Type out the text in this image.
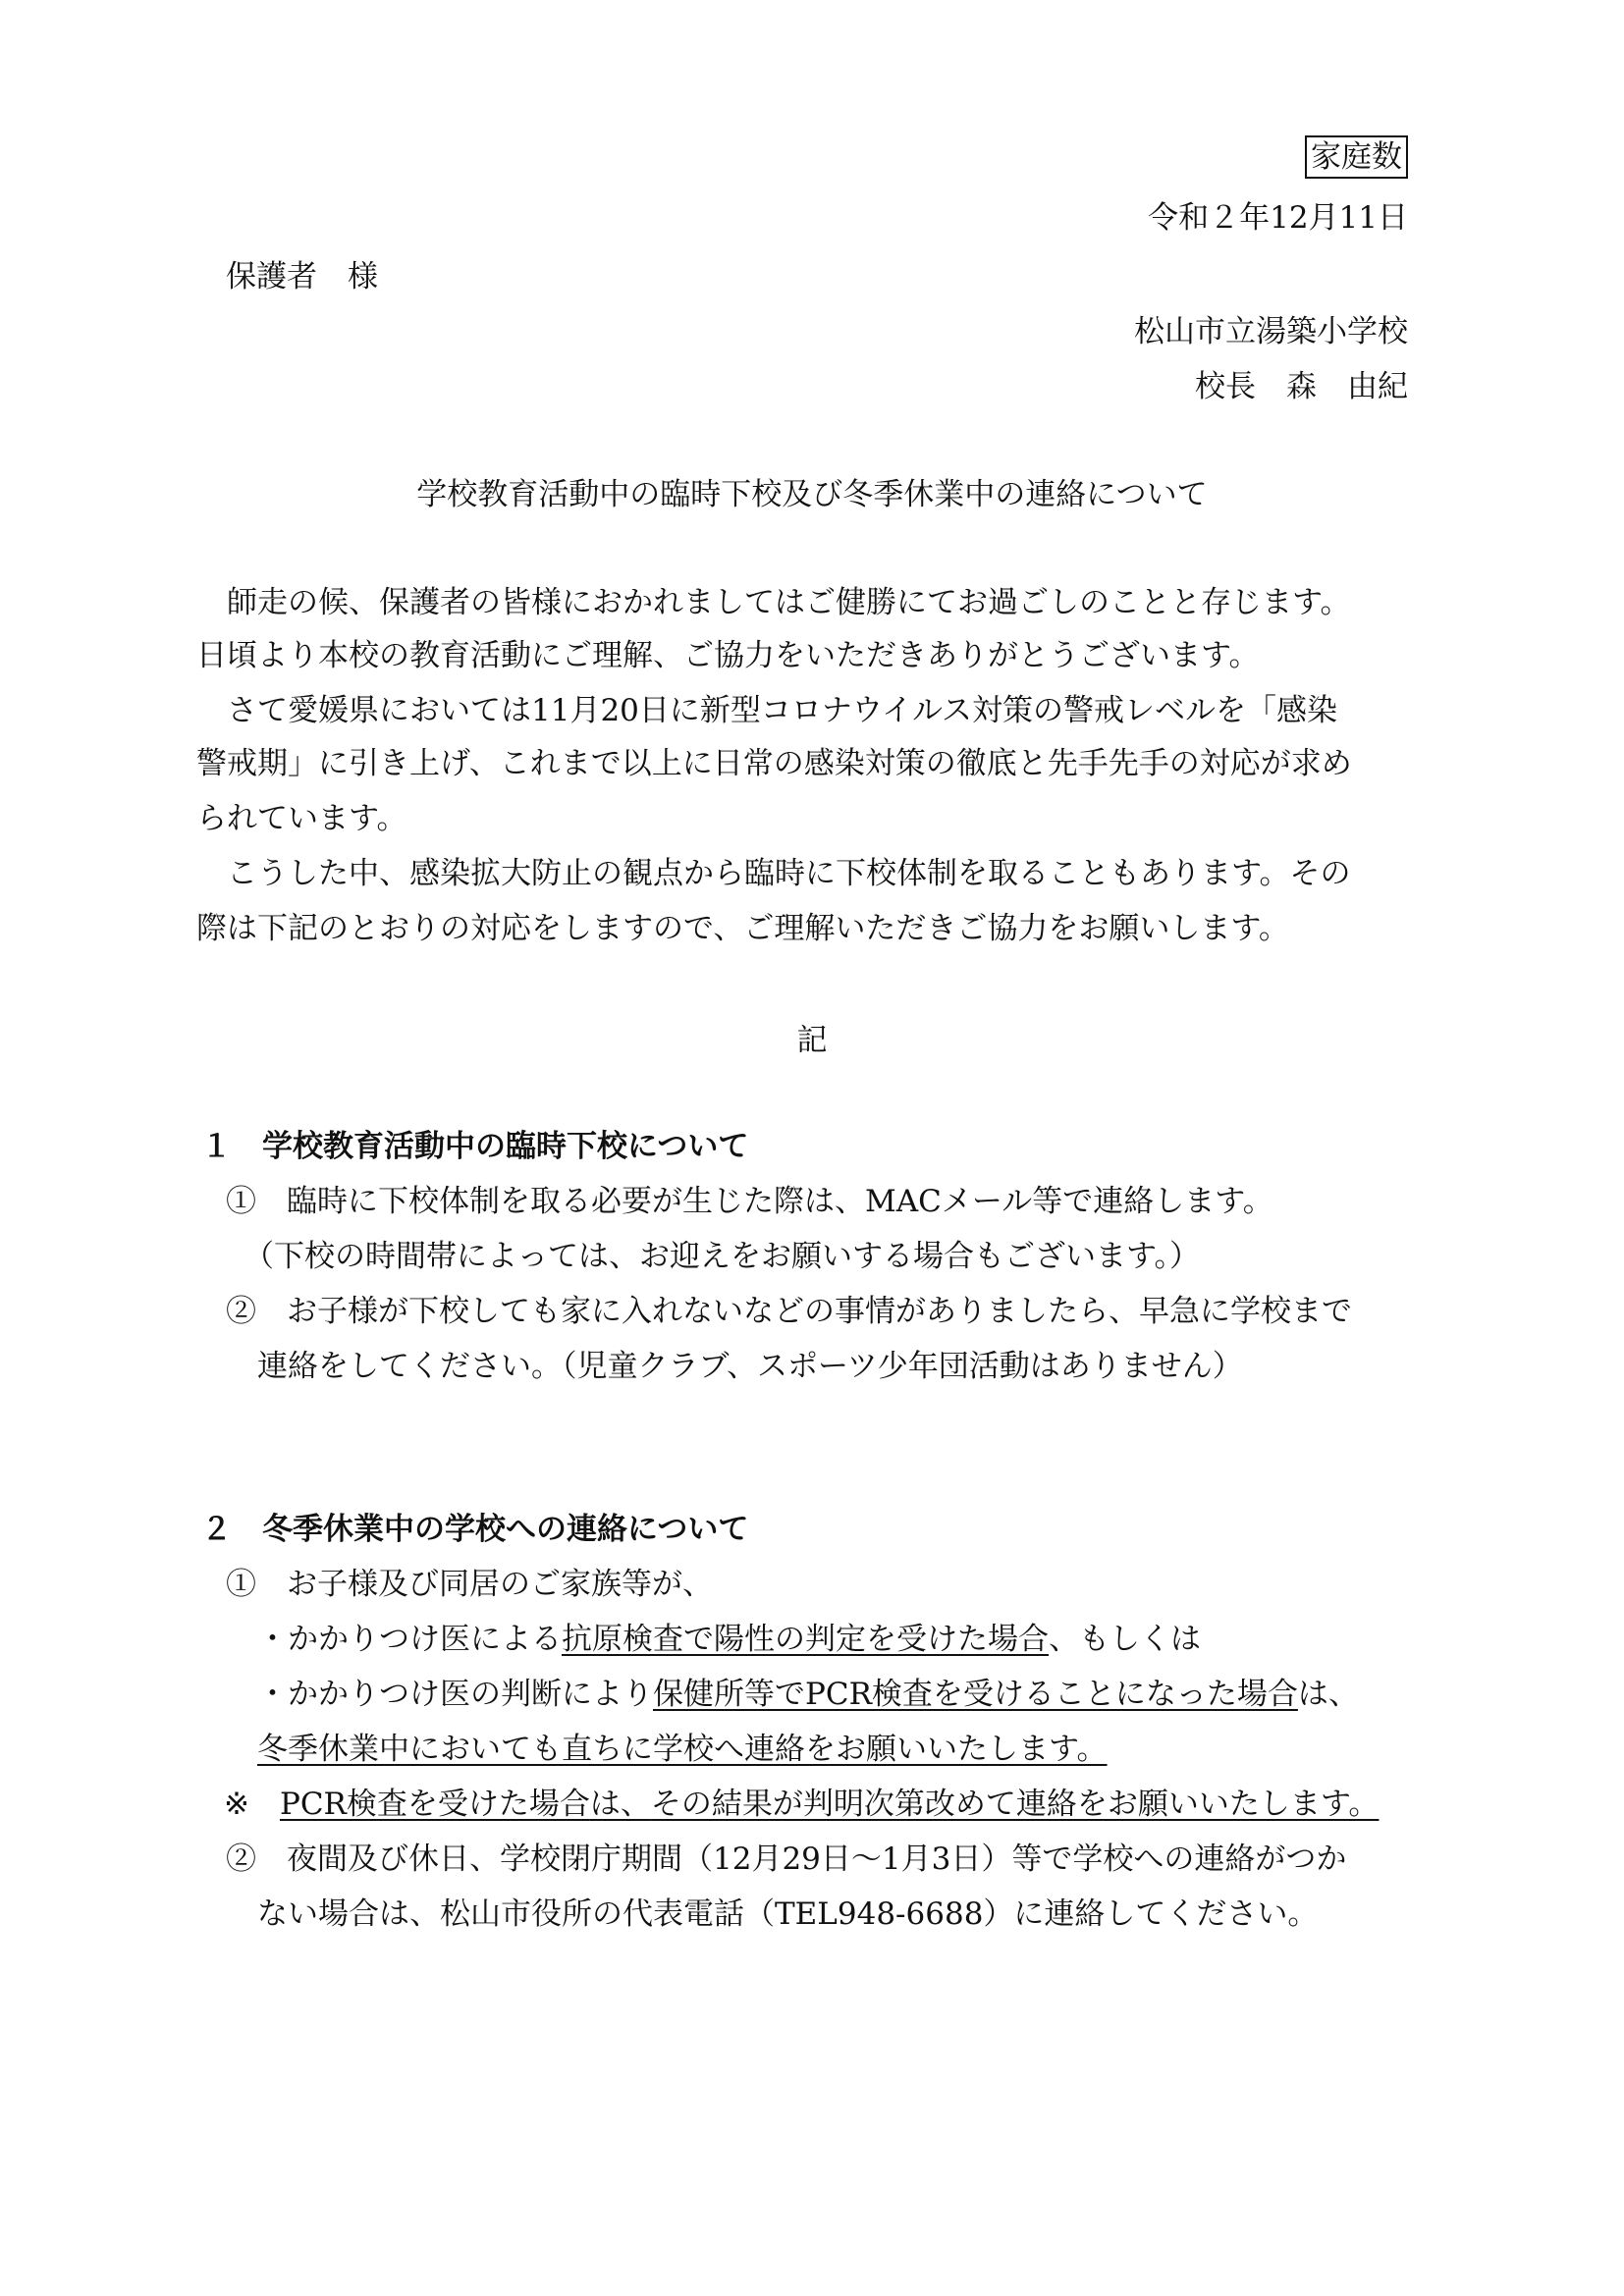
家庭数
令和２年12月11日
保護者　様
松山市立湯築小学校
校長　森　由紀
学校教育活動中の臨時下校及び冬季休業中の連絡について
　師走の候、保護者の皆様におかれましてはご健勝にてお過ごしのことと存じます。
日頃より本校の教育活動にご理解、ご協力をいただきありがとうございます。
　さて愛媛県においては11月20日に新型コロナウイルス対策の警戒レベルを「感染
警戒期」に引き上げ、これまで以上に日常の感染対策の徹底と先手先手の対応が求め
られています。
　こうした中、感染拡大防止の観点から臨時に下校体制を取ることもあります。その
際は下記のとおりの対応をしますので、ご理解いただきご協力をお願いします。
記
１　学校教育活動中の臨時下校について
①　臨時に下校体制を取る必要が生じた際は、MACメール等で連絡します。
（下校の時間帯によっては、お迎えをお願いする場合もございます。）
②　お子様が下校しても家に入れないなどの事情がありましたら、早急に学校まで
連絡をしてください。（児童クラブ、スポーツ少年団活動はありません）
２　冬季休業中の学校への連絡について
①　お子様及び同居のご家族等が、
・かかりつけ医による抗原検査で陽性の判定を受けた場合、もしくは
・かかりつけ医の判断により保健所等でPCR検査を受けることになった場合は、
冬季休業中においても直ちに学校へ連絡をお願いいたします。
※　PCR検査を受けた場合は、その結果が判明次第改めて連絡をお願いいたします。
②　夜間及び休日、学校閉庁期間（12月29日～1月3日）等で学校への連絡がつか
ない場合は、松山市役所の代表電話（TEL948-6688）に連絡してください。
